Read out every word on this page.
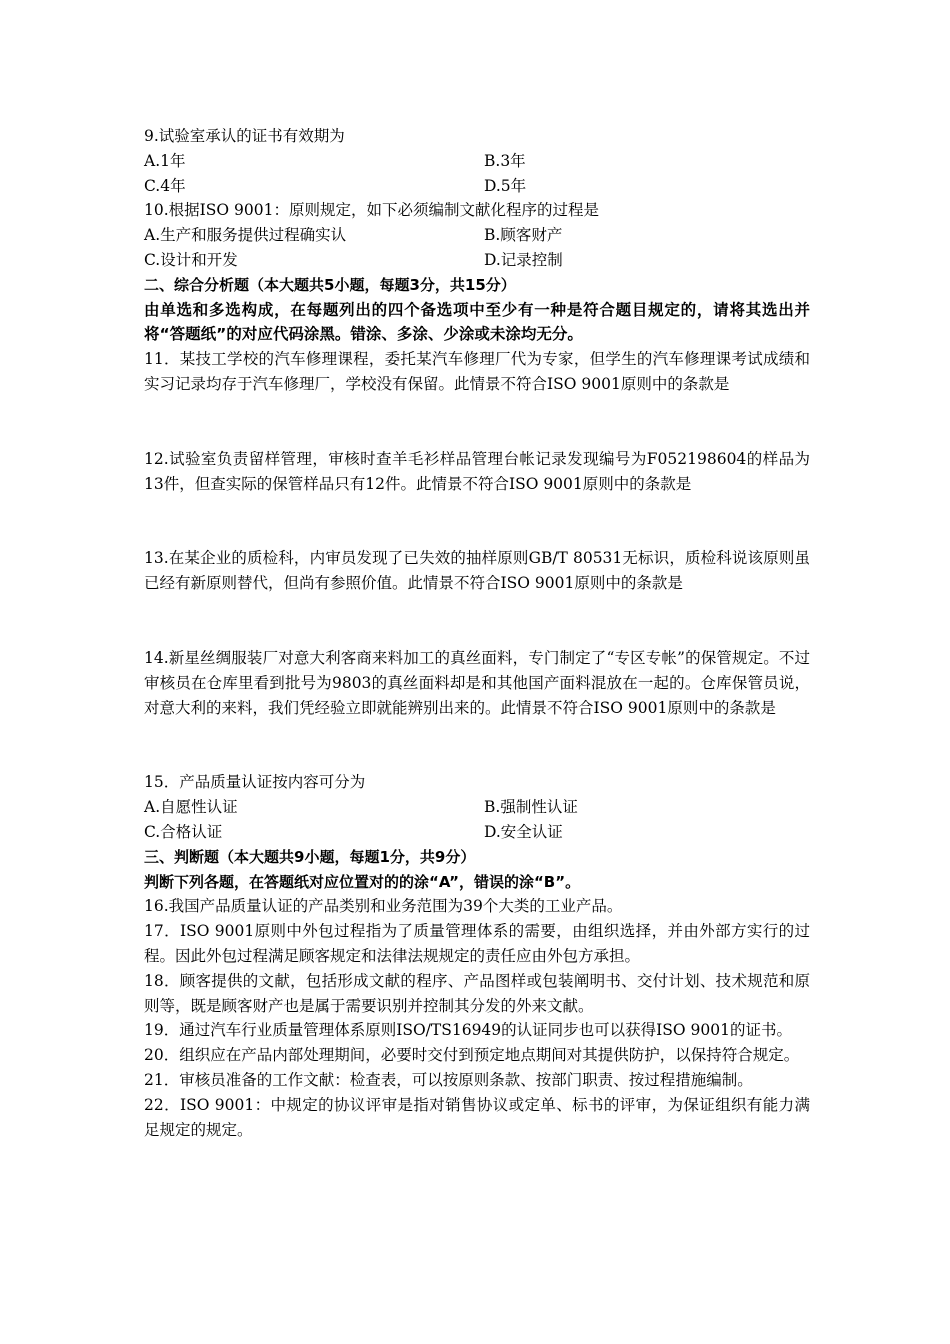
9.试验室承认的证书有效期为
A.1年	B.3年
C.4年	D.5年
10.根据ISO 9001：原则规定，如下必须编制文献化程序的过程是
A.生产和服务提供过程确实认	B.顾客财产
C.设计和开发	D.记录控制
二、综合分析题（本大题共5小题，每题3分，共15分）
由单选和多选构成，在每题列出的四个备选项中至少有一种是符合题目规定的，请将其选出并将“答题纸”的对应代码涂黑。错涂、多涂、少涂或未涂均无分。
11．某技工学校的汽车修理课程，委托某汽车修理厂代为专家，但学生的汽车修理课考试成绩和实习记录均存于汽车修理厂，学校没有保留。此情景不符合ISO 9001原则中的条款是
12.试验室负责留样管理，审核时查羊毛衫样品管理台帐记录发现编号为F052198604的样品为13件，但查实际的保管样品只有12件。此情景不符合ISO 9001原则中的条款是
13.在某企业的质检科，内审员发现了已失效的抽样原则GB/T 80531无标识，质检科说该原则虽已经有新原则替代，但尚有参照价值。此情景不符合ISO 9001原则中的条款是
14.新星丝绸服装厂对意大利客商来料加工的真丝面料，专门制定了“专区专帐”的保管规定。不过审核员在仓库里看到批号为9803的真丝面料却是和其他国产面料混放在一起的。仓库保管员说，对意大利的来料，我们凭经验立即就能辨别出来的。此情景不符合ISO 9001原则中的条款是
15．产品质量认证按内容可分为
A.自愿性认证	B.强制性认证
C.合格认证	D.安全认证
三、判断题（本大题共9小题，每题1分，共9分）
判断下列各题，在答题纸对应位置对的的涂“A”，错误的涂“B”。
16.我国产品质量认证的产品类别和业务范围为39个大类的工业产品。
17．ISO 9001原则中外包过程指为了质量管理体系的需要，由组织选择，并由外部方实行的过程。因此外包过程满足顾客规定和法律法规规定的责任应由外包方承担。
18．顾客提供的文献，包括形成文献的程序、产品图样或包装阐明书、交付计划、技术规范和原则等，既是顾客财产也是属于需要识别并控制其分发的外来文献。
19．通过汽车行业质量管理体系原则ISO/TS16949的认证同步也可以获得ISO 9001的证书。
20．组织应在产品内部处理期间，必要时交付到预定地点期间对其提供防护，以保持符合规定。
21．审核员准备的工作文献：检查表，可以按原则条款、按部门职责、按过程措施编制。
22．ISO 9001：中规定的协议评审是指对销售协议或定单、标书的评审，为保证组织有能力满足规定的规定。
